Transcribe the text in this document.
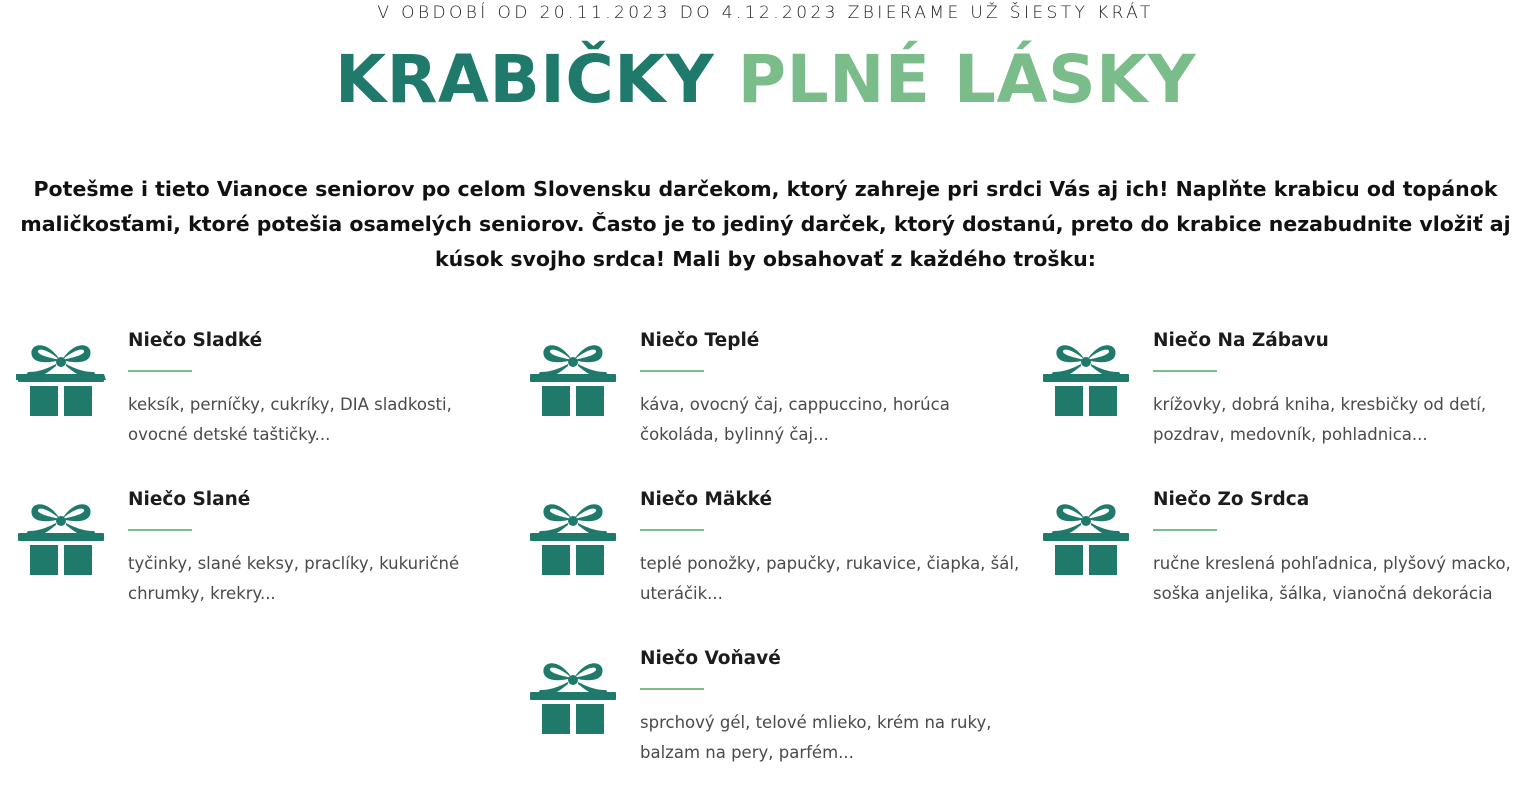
V OBDOBÍ OD 20.11.2023 DO 4.12.2023 ZBIERAME UŽ ŠIESTY KRÁT
KRABIČKY PLNÉ LÁSKY
Potešme i tieto Vianoce seniorov po celom Slovensku darčekom, ktorý zahreje pri srdci Vás aj ich! Naplňte krabicu od topánok maličkosťami, ktoré potešia osamelých seniorov. Často je to jediný darček, ktorý dostanú, preto do krabice nezabudnite vložiť aj kúsok svojho srdca! Mali by obsahovať z každého trošku:
Niečo Sladké
keksík, perníčky, cukríky, DIA sladkosti, ovocné detské taštičky...
Niečo Teplé
káva, ovocný čaj, cappuccino, horúca čokoláda, bylinný čaj...
Niečo Na Zábavu
krížovky, dobrá kniha, kresbičky od detí, pozdrav, medovník, pohladnica...
Niečo Slané
tyčinky, slané keksy, praclíky, kukuričné chrumky, krekry...
Niečo Mäkké
teplé ponožky, papučky, rukavice, čiapka, šál, uteráčik...
Niečo Zo Srdca
ručne kreslená pohľadnica, plyšový macko, soška anjelika, šálka, vianočná dekorácia
Niečo Voňavé
sprchový gél, telové mlieko, krém na ruky, balzam na pery, parfém...
